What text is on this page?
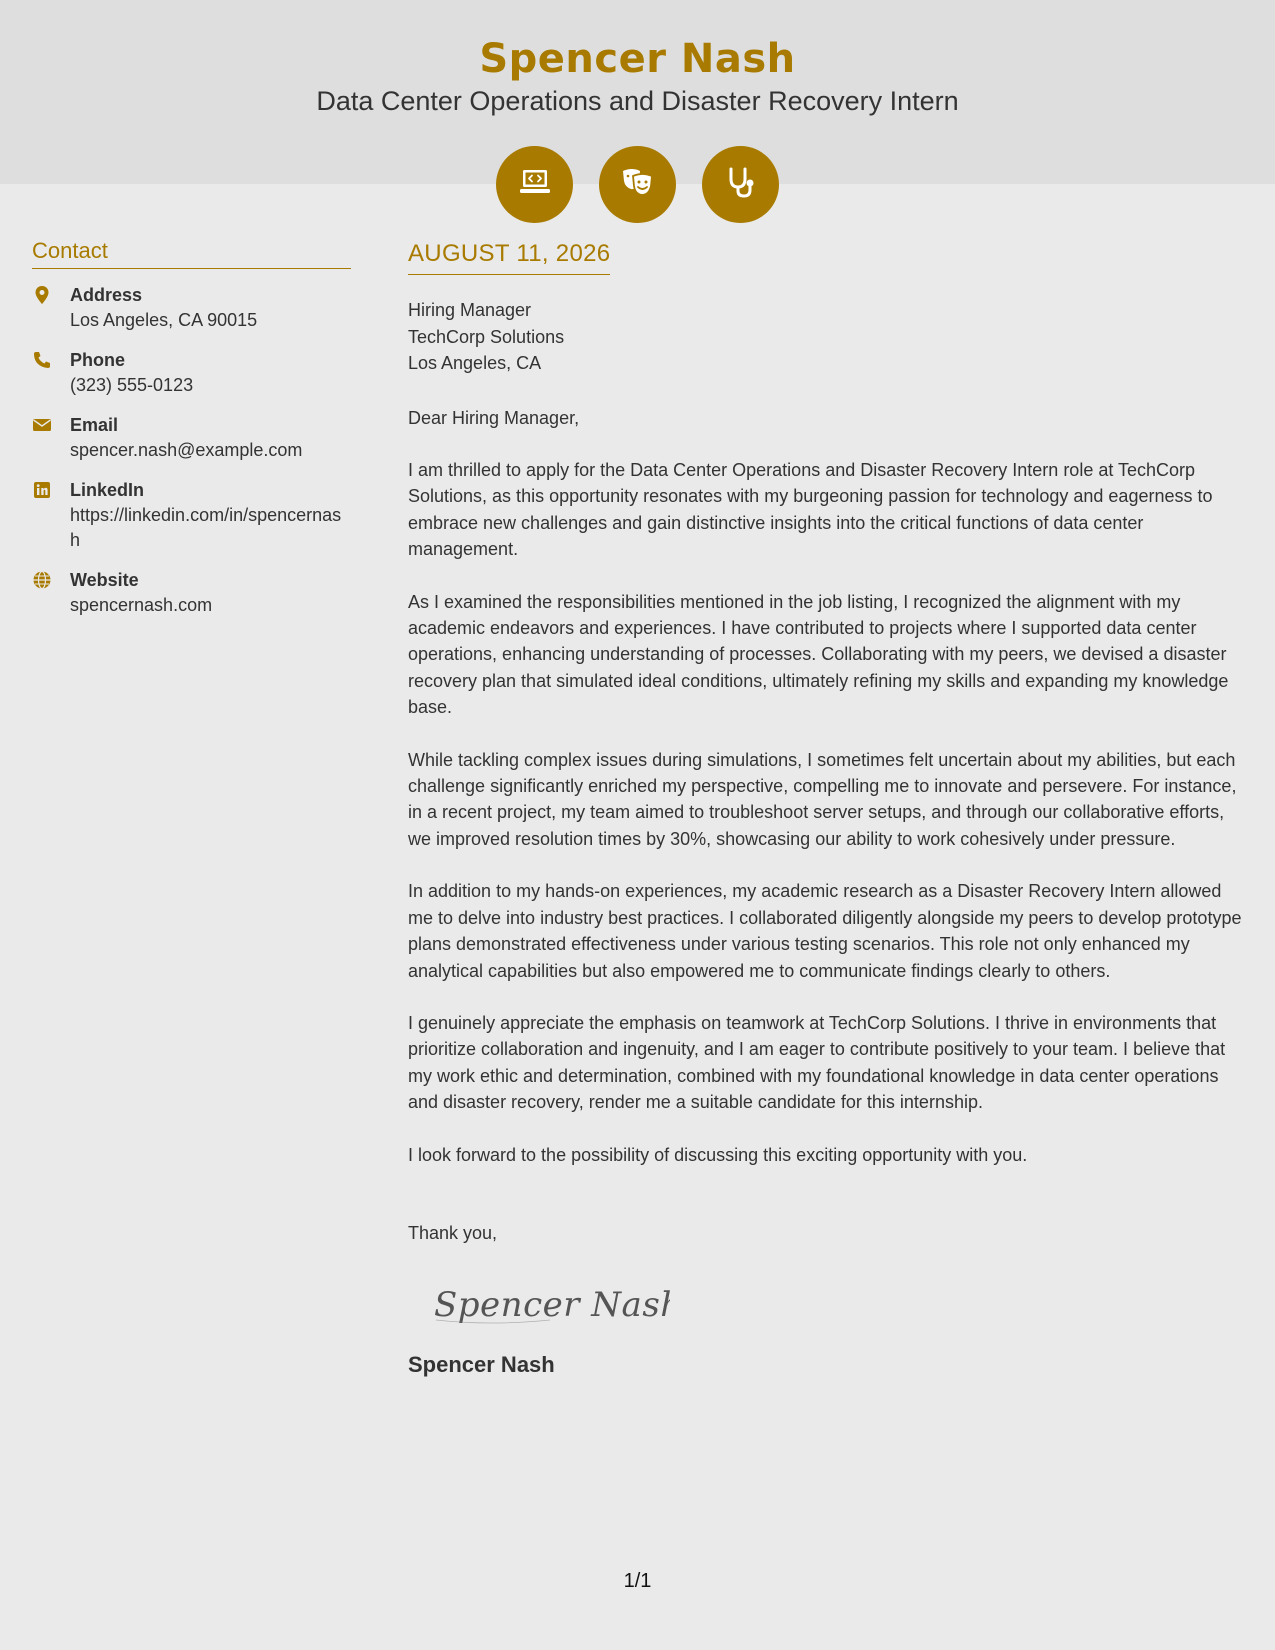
Spencer Nash
Data Center Operations and Disaster Recovery Intern
Contact
Address
Los Angeles, CA 90015
Phone
(323) 555-0123
Email
spencer.nash@example.com
LinkedIn
https://linkedin.com/in/spencernash
Website
spencernash.com
AUGUST 11, 2026
Hiring Manager
TechCorp Solutions
Los Angeles, CA
Dear Hiring Manager,
I am thrilled to apply for the Data Center Operations and Disaster Recovery Intern role at TechCorp Solutions, as this opportunity resonates with my burgeoning passion for technology and eagerness to embrace new challenges and gain distinctive insights into the critical functions of data center management.
As I examined the responsibilities mentioned in the job listing, I recognized the alignment with my academic endeavors and experiences. I have contributed to projects where I supported data center operations, enhancing understanding of processes. Collaborating with my peers, we devised a disaster recovery plan that simulated ideal conditions, ultimately refining my skills and expanding my knowledge base.
While tackling complex issues during simulations, I sometimes felt uncertain about my abilities, but each challenge significantly enriched my perspective, compelling me to innovate and persevere. For instance, in a recent project, my team aimed to troubleshoot server setups, and through our collaborative efforts, we improved resolution times by 30%, showcasing our ability to work cohesively under pressure.
In addition to my hands-on experiences, my academic research as a Disaster Recovery Intern allowed me to delve into industry best practices. I collaborated diligently alongside my peers to develop prototype plans demonstrated effectiveness under various testing scenarios. This role not only enhanced my analytical capabilities but also empowered me to communicate findings clearly to others.
I genuinely appreciate the emphasis on teamwork at TechCorp Solutions. I thrive in environments that prioritize collaboration and ingenuity, and I am eager to contribute positively to your team. I believe that my work ethic and determination, combined with my foundational knowledge in data center operations and disaster recovery, render me a suitable candidate for this internship.
I look forward to the possibility of discussing this exciting opportunity with you.
Thank you,
Spencer Nash
Spencer Nash
1/1
